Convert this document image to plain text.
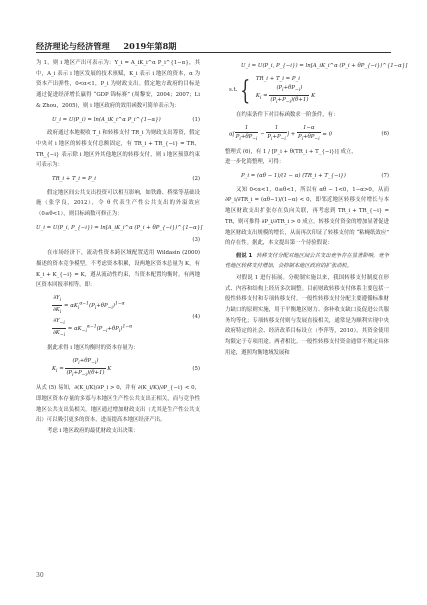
经济理论与经济管理 2019年第8期

为 1，则 i 地区产出可表示为：Y_i = A_iK_i^α P_i^{1−α}，其中，A_i 表示 i 地区发展的技术禀赋，K_i 表示 i 地区的资本，α 为资本产出弹性，0<α<1，P_i 为财政支出。假定地方政府的目标是通过促进经济增长赢得 “GDP 锦标赛” (周黎安，2004；2007；Li & Zhou，2005)，则 i 地区政府的效用函数可简单表示为：

U_i = U(P_i) = ln(A_iK_i^α P_i^{1−α})	(1)

政府通过本地税收 T_i 和转移支付 TR_i 为财政支出筹资，假定中央对 i 地区的转移支付总额固定，有 TR_i + TR_{−i} = TR，TR_{−i} 表示除 i 地区外其他地区的转移支付，则 i 地区预算约束可表示为：

TR_i + T_i = P_i	(2)

假定地区间公共支出投资可以相互影响，如铁路、桥梁等基础设施（张学良，2012），令 θ 代表生产性公共支出的外溢效应（0≤θ<1），则目标函数可修正为：

U_i = U(P_i, P_{−i}) = ln[A_iK_i^α (P_i + θP_{−i})^{1−α}]
(3)

在市场经济下，流动性资本跨区域配置适用 Wildasin (2000) 描述的资本竞争模型。不考虑资本积累，设两地区资本总量为 K，有 K_i + K_{−i} = K，遵从流动性约束，当资本配置均衡时，有两地区资本回报率相等，即：

$\frac{\partial Y_i}{\partial K_i} = \alpha K_i^{\alpha-1}(P_i+\theta P_{-i})^{1-\alpha}$

$\frac{\partial Y_{-i}}{\partial K_{-i}} = \alpha K_{-i}^{\alpha-1}(P_{-i}+\theta P_i)^{1-\alpha}$
(4)

据此求得 i 地区均衡时的资本存量为：

$K_i = \frac{(P_i+\theta P_{-i})}{(P_i+P_{-i})(\theta+1)}$ K	(5)

从式 (5) 易知，∂(K_i/K)/∂P_i > 0，并有 ∂(K_i/K)/∂P_{−i} < 0，即地区资本存量的多寡与本地区生产性公共支出正相关，而与竞争性地区公共支出负相关。地区通过增加财政支出（尤其是生产性公共支出）可以吸引更多的资本，进而提高本地区经济产出。

考虑 i 地区政府的最优财政支出决策：

U_i = U(P_i, P_{−i}) = ln[A_iK_i^α (P_i + θP_{−i})^{1−α}]
s.t. { TR_i + T_i = P_i
$K_i = \frac{(P_i+\theta P_{-i})}{(P_i+P_{-i})(\theta+1)}$ K

在约束条件下对目标函数求一阶条件，有：

$\alpha[ \frac{1}{P_i+\theta P_{-i}} - \frac{1}{P_i+P_{-i}}$ ] + $\frac{1-\alpha}{P_i+\theta P_{-i}} = 0$	(6)

整理式 (6)，有 1 / [P_i + θ(TR_i + T_{−i})] 成立，

进一步化简整理，可得：

P_i = (αθ − 1)/(1 − α) (TR_i + T_{−i})	(7)

又知 0<α<1，0≤θ<1，所以有 αθ − 1<0，1−α>0，从而 ∂P_i/∂TR_i = (αθ−1)/(1−α) < 0，即邻近地区转移支付增长与本地区财政支出扩张存在负向关联，再考虑到 TR_i + TR_{−i} = TR，则可推得 ∂P_i/∂TR_i > 0 成立。转移支付资金的增加显著促进地区财政支出规模的增长，从而再次印证了转移支付的 “粘蝇纸效应” 的存在性。据此，本文提出第一个待验假说：

假说 1 转移支付分配对地区间公共支出竞争存在显著影响，竞争性地区转移支付增加，会抑制本地区政府的扩张动机。

对假说 1 进行拓展。分税制实施以来，我国转移支付制度在形式、内容和结构上经历多次调整。目前财政转移支付体系主要包括一般性转移支付和专项转移支付。一般性转移支付分配主要遵循标准财力缺口的原则实施，用于平衡地区财力、弥补收支缺口及促进公共服务均等化；专项转移支付则与发展直接相关，通常是为顺利实现中央政府特定的社会、经济改革目标设立（李萍等，2010）。其资金使用均限定于专项用途。两者相比，一般性转移支付资金通常不规定具体用途，遵照均衡地域发展和

30
